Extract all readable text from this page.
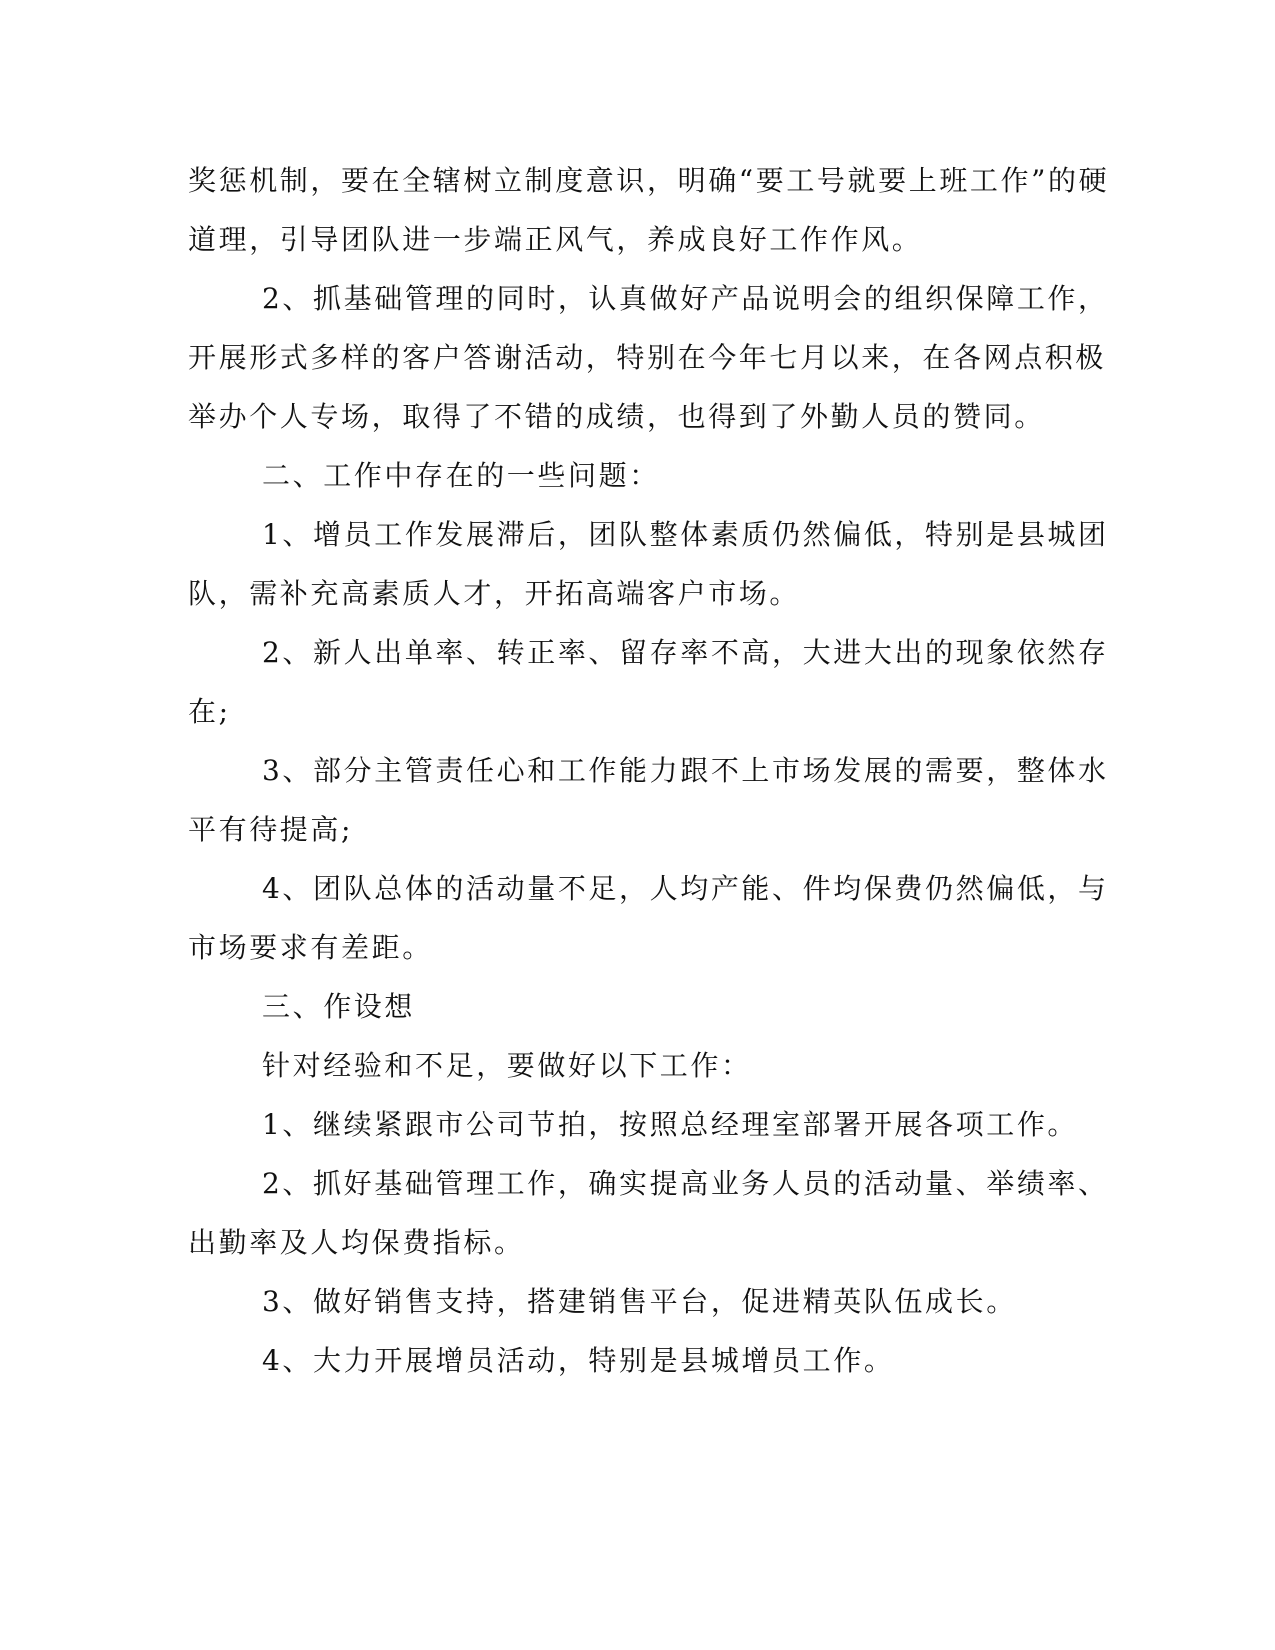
奖惩机制，要在全辖树立制度意识，明确“要工号就要上班工作”的硬
道理，引导团队进一步端正风气，养成良好工作作风。
2、抓基础管理的同时，认真做好产品说明会的组织保障工作，
开展形式多样的客户答谢活动，特别在今年七月以来，在各网点积极
举办个人专场，取得了不错的成绩，也得到了外勤人员的赞同。
二、工作中存在的一些问题：
1、增员工作发展滞后，团队整体素质仍然偏低，特别是县城团
队，需补充高素质人才，开拓高端客户市场。
2、新人出单率、转正率、留存率不高，大进大出的现象依然存
在;
3、部分主管责任心和工作能力跟不上市场发展的需要，整体水
平有待提高;
4、团队总体的活动量不足，人均产能、件均保费仍然偏低，与
市场要求有差距。
三、作设想
针对经验和不足，要做好以下工作：
1、继续紧跟市公司节拍，按照总经理室部署开展各项工作。
2、抓好基础管理工作，确实提高业务人员的活动量、举绩率、
出勤率及人均保费指标。
3、做好销售支持，搭建销售平台，促进精英队伍成长。
4、大力开展增员活动，特别是县城增员工作。
